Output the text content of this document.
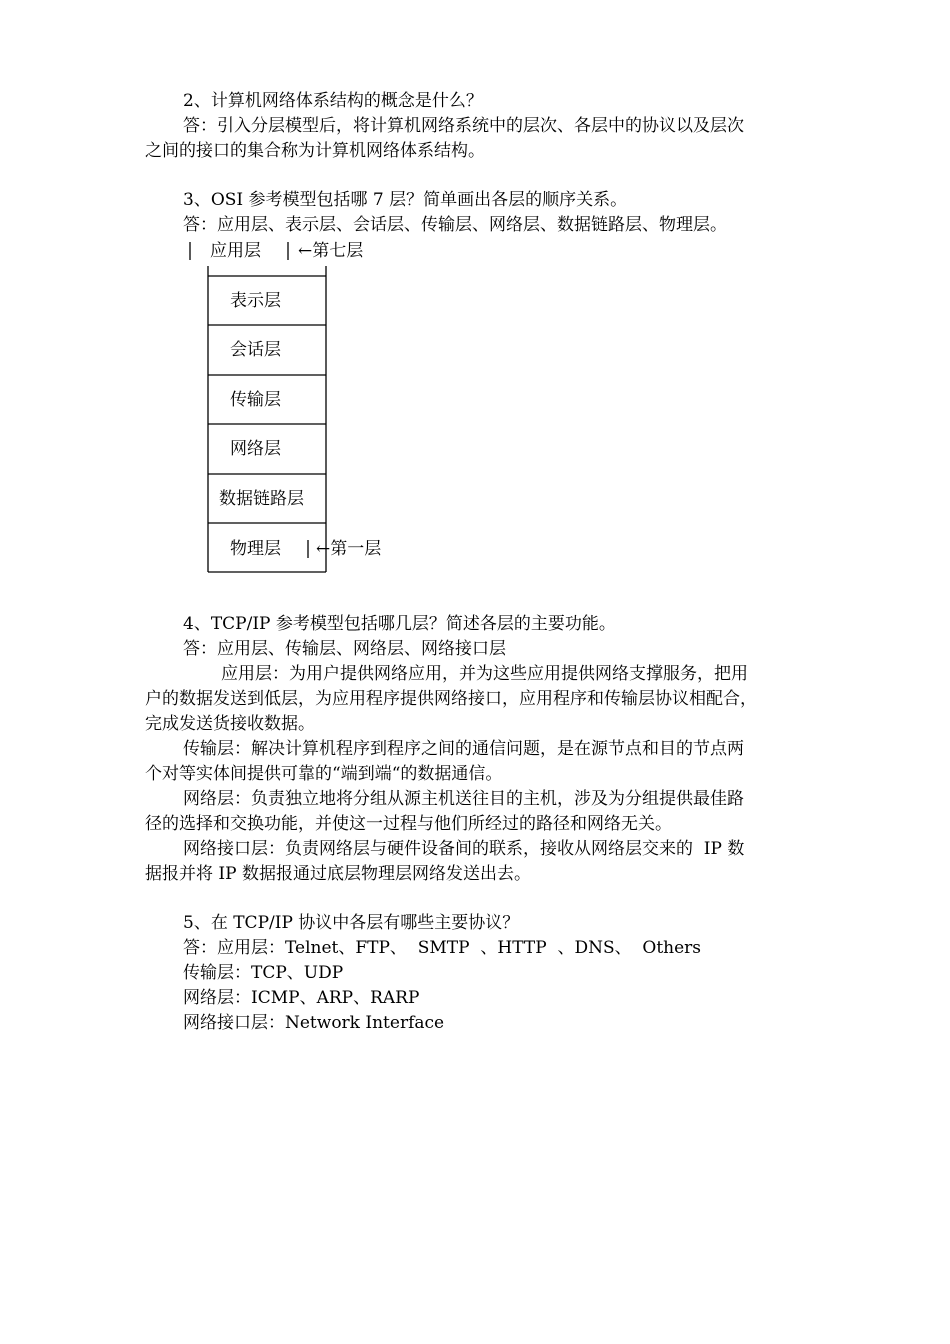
2、计算机网络体系结构的概念是什么？
答：引入分层模型后，将计算机网络系统中的层次、各层中的协议以及层次
之间的接口的集合称为计算机网络体系结构。
3、OSI 参考模型包括哪 7 层？简单画出各层的顺序关系。
答：应用层、表示层、会话层、传输层、网络层、数据链路层、物理层。
应用层 ←第七层
表示层
会话层
传输层
网络层
数据链路层
物理层 ←第一层
4、TCP/IP 参考模型包括哪几层？简述各层的主要功能。
答：应用层、传输层、网络层、网络接口层
应用层：为用户提供网络应用，并为这些应用提供网络支撑服务，把用
户的数据发送到低层，为应用程序提供网络接口，应用程序和传输层协议相配合，
完成发送货接收数据。
传输层：解决计算机程序到程序之间的通信问题，是在源节点和目的节点两
个对等实体间提供可靠的“端到端“的数据通信。
网络层：负责独立地将分组从源主机送往目的主机，涉及为分组提供最佳路
径的选择和交换功能，并使这一过程与他们所经过的路径和网络无关。
网络接口层：负责网络层与硬件设备间的联系，接收从网络层交来的  IP 数
据报并将 IP 数据报通过底层物理层网络发送出去。
5、在 TCP/IP 协议中各层有哪些主要协议？
答：应用层：Telnet、FTP、  SMTP  、HTTP  、DNS、  Others
传输层：TCP、UDP
网络层：ICMP、ARP、RARP
网络接口层：Network Interface
